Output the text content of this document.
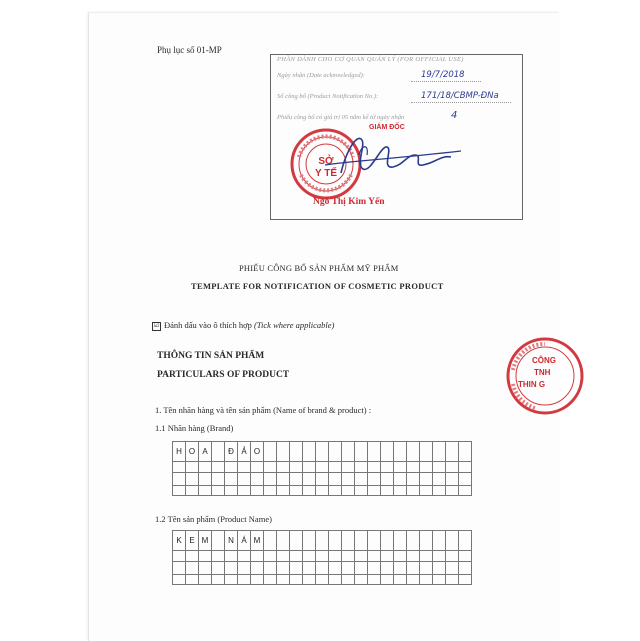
Phụ lục số 01-MP
PHẦN DÀNH CHO CƠ QUAN QUẢN LÝ (FOR OFFICIAL USE)
Ngày nhận (Date acknowledged):	19/7/2018
Số công bố (Product Notification No.):	171/18/CBMP-ĐNa
Phiếu công bố có giá trị 05 năm kể từ ngày nhận	4
GIÁM ĐỐC
SỞ
Y TẾ
Ngô Thị Kim Yến
PHIẾU CÔNG BỐ SẢN PHẨM MỸ PHẨM
TEMPLATE FOR NOTIFICATION OF COSMETIC PRODUCT
☑ Đánh dấu vào ô thích hợp (Tick where applicable)
THÔNG TIN SẢN PHẨM
PARTICULARS OF PRODUCT
1. Tên nhãn hàng và tên sản phẩm (Name of brand & product) :
1.1 Nhãn hàng (Brand)
H	O	A		Đ	Ả	O																

1.2 Tên sản phẩm (Product Name)
K	E	M		N	Á	M																

CÔNG
TNH
THIN G
